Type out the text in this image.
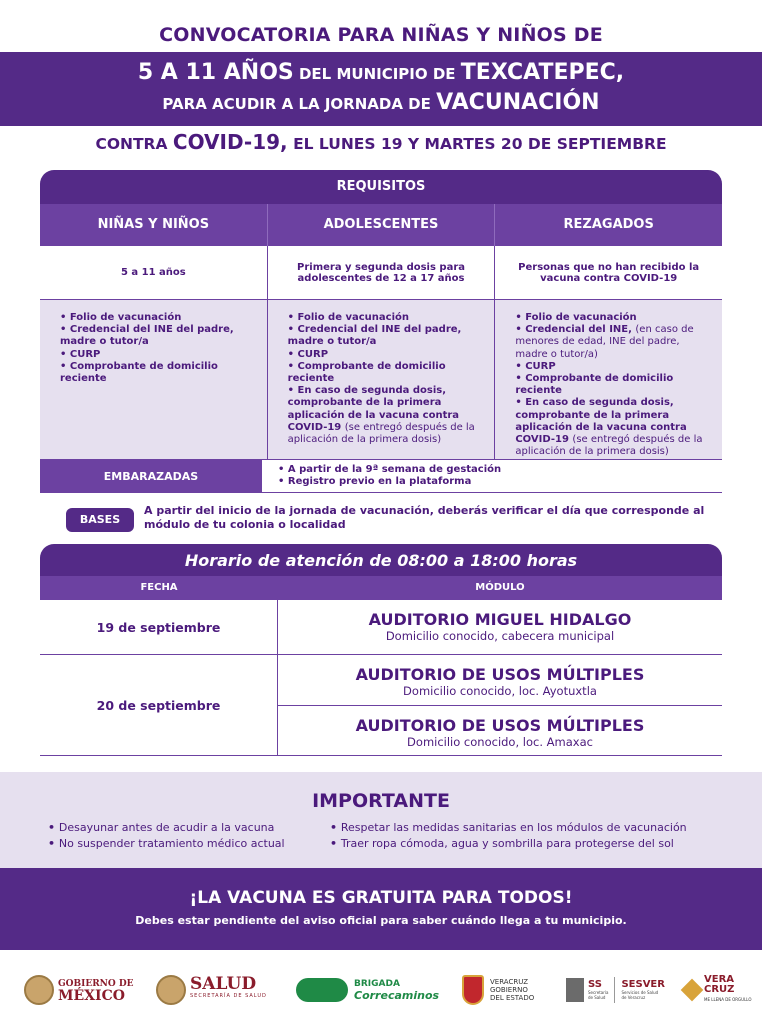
CONVOCATORIA PARA NIÑAS Y NIÑOS DE
5 A 11 AÑOS DEL MUNICIPIO DE TEXCATEPEC,
PARA ACUDIR A LA JORNADA DE VACUNACIÓN
CONTRA COVID-19, EL LUNES 19 Y MARTES 20 DE SEPTIEMBRE
REQUISITOS
NIÑAS Y NIÑOS	ADOLESCENTES	REZAGADOS
5 a 11 años	Primera y segunda dosis para adolescentes de 12 a 17 años
Personas que no han recibido la vacuna contra COVID-19
• Folio de vacunación
• Credencial del INE del padre, madre o tutor/a
• CURP
• Comprobante de domicilio reciente
• Folio de vacunación
• Credencial del INE del padre, madre o tutor/a
• CURP
• Comprobante de domicilio reciente
• En caso de segunda dosis, comprobante de la primera aplicación de la vacuna contra COVID-19 (se entregó después de la aplicación de la primera dosis)
• Folio de vacunación
• Credencial del INE, (en caso de menores de edad, INE del padre, madre o tutor/a)
• CURP
• Comprobante de domicilio reciente
• En caso de segunda dosis, comprobante de la primera aplicación de la vacuna contra COVID-19 (se entregó después de la aplicación de la primera dosis)
EMBARAZADAS
•	A partir de la 9ª semana de gestación
• Registro previo en la plataforma
BASES
A partir del inicio de la jornada de vacunación, deberás verificar el día que corresponde al módulo de tu colonia o localidad
Horario de atención de 08:00 a 18:00 horas
FECHA	MÓDULO
19 de septiembre	AUDITORIO MIGUEL HIDALGO
Domicilio conocido, cabecera municipal
20 de septiembre
AUDITORIO DE USOS MÚLTIPLES
Domicilio conocido, loc. Ayotuxtla
AUDITORIO DE USOS MÚLTIPLES
Domicilio conocido, loc. Amaxac
IMPORTANTE
• Desayunar antes de acudir a la vacuna
• No suspender tratamiento médico actual
• Respetar las medidas sanitarias en los módulos de vacunación
• Traer ropa cómoda, agua y sombrilla para protegerse del sol
¡LA VACUNA ES GRATUITA PARA TODOS!
Debes estar pendiente del aviso oficial para saber cuándo llega a tu municipio.
GOBIERNO DE
MÉXICO
SALUD
SECRETARÍA DE SALUD
BRIGADA
Correcaminos
VERACRUZ
GOBIERNO
DEL ESTADO
SS
Secretaría
de Salud
SESVER
Servicios de Salud
de Veracruz
VERA
CRUZ
ME LLENA DE ORGULLO
